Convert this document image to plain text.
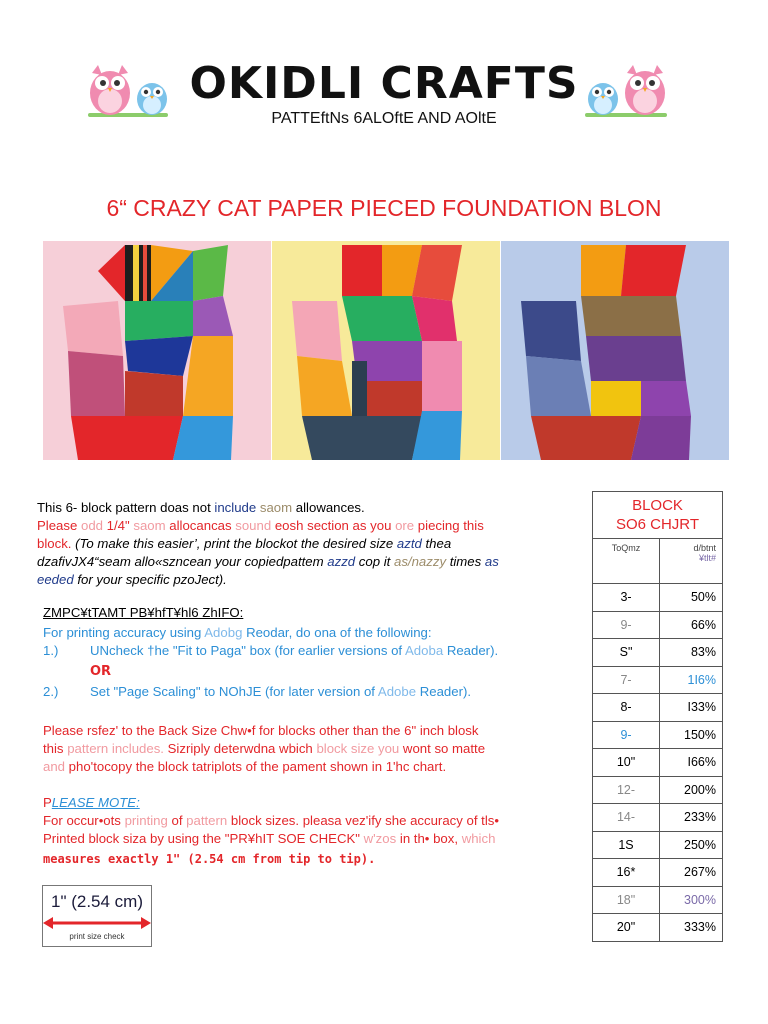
OKIDLI CRAFTS
PATTEftNs 6ALOftE AND AOltE
6“ CRAZY CAT PAPER PIECED FOUNDATION BLON
This 6- block pattern doas not include saom allowances.
Please odd 1/4" saom allocancas sound eosh section as you ore piecing this
block. (To make this easier’, print the blockot the desired size aztd thea
dzafivJX4“seam allo«szncean your copiedpattem azzd cop it as/nazzy times as
eeded for your specific pzoJect).
ZMPC¥tTAMT PB¥hfT¥hl6 ZhIFO:
For printing accuracy using Adobg Reodar, do ona of the following:
1.) UNcheck †he "Fit to Paga" box (for earlier versions of Adoba Reader).
OR
2.) Set "Page Scaling" to NOhJE (for later version of Adobe Reader).
Please rsfez' to the Back Size Chw•f for blocks other than the 6" inch blosk
this pattern includes. Sizriply deterwdna wbich block size you wont so matte
and pho'tocopy the block tatriplots of the pament shown in 1'hc chart.
PLEASE MOTE:
For occur•ots printing of pattern block sizes. pleasa vez'ify she accuracy of tls•
Printed block siza by using the "PR¥hIT SOE CHECK" w'zos in th• box, which
measures exactly 1" (2.54 cm from tip to tip).
1" (2.54 cm)
print size check
BLOCK
SO6 CHJRT	

ToQmz	d/btnt
¥tlt#

3-	50%
9-	66%
S"	83%
7-	1I6%
8-	I33%
9-	150%
10"	I66%
12-	200%
14-	233%
1S	250%
16*	267%
18"	300%
20"	333%
